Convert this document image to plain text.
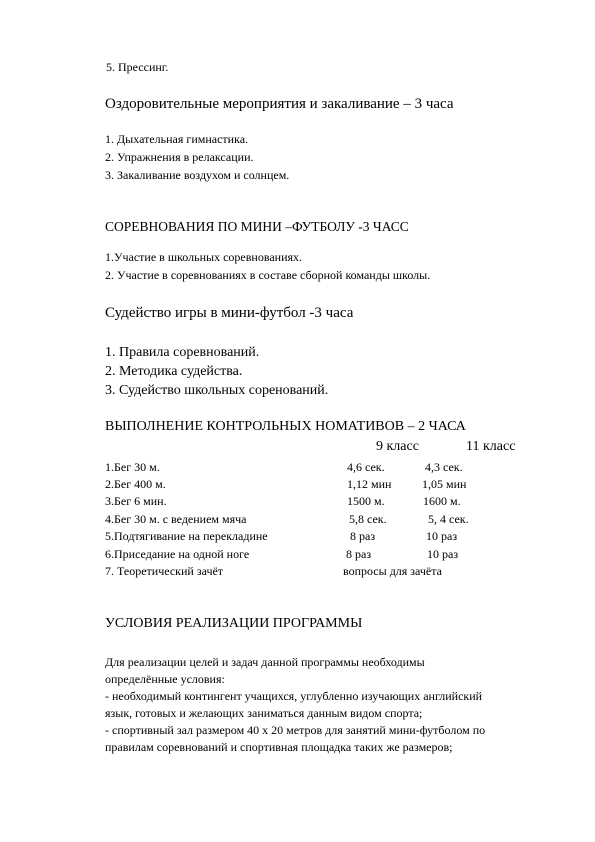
5. Прессинг.
Оздоровительные мероприятия и закаливание – 3 часа
1. Дыхательная гимнастика.
2. Упражнения в релаксации.
3. Закаливание воздухом и солнцем.
СОРЕВНОВАНИЯ ПО МИНИ –ФУТБОЛУ -3 ЧАСС
1.Участие в школьных соревнованиях.
2. Участие в соревнованиях в составе сборной команды школы.
Судейство игры в мини-футбол -3 часа
1. Правила соревнований.
2. Методика судейства.
3. Судейство школьных соренований.
ВЫПОЛНЕНИЕ КОНТРОЛЬНЫХ НОМАТИВОВ – 2 ЧАСА
9 класс	11 класс
1.Бег 30 м.	4,6 сек.	4,3 сек.
2.Бег 400 м.	1,12 мин	1,05 мин
3.Бег 6 мин.	1500 м.	1600 м.
4.Бег 30 м. с ведением мяча	5,8 сек.	5, 4 сек.
5.Подтягивание на перекладине	8 раз	10 раз
6.Приседание на одной ноге	8 раз	10 раз
7. Теоретический зачёт	вопросы для зачёта
УСЛОВИЯ РЕАЛИЗАЦИИ ПРОГРАММЫ
Для реализации целей и задач данной программы необходимы
определённые условия:
- необходимый контингент учащихся, углубленно изучающих английский
язык, готовых и желающих заниматься данным видом спорта;
- спортивный зал размером 40 х 20 метров для занятий мини-футболом по
правилам соревнований и спортивная площадка таких же размеров;
